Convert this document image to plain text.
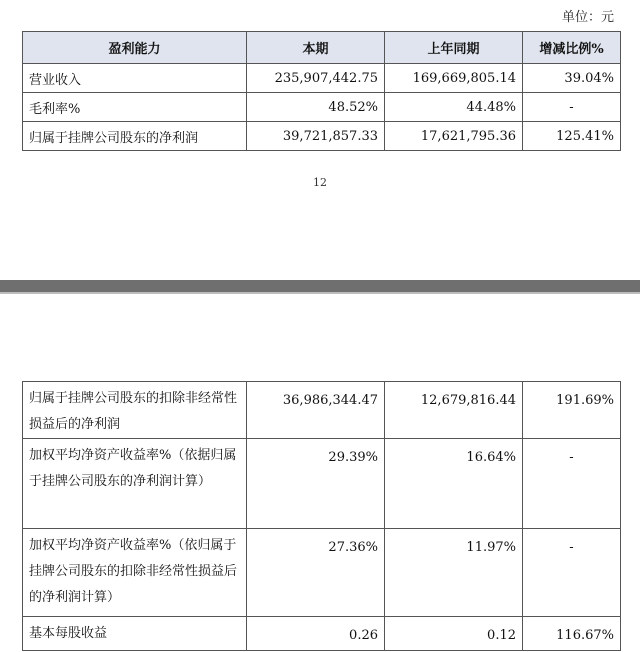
单位：元
盈利能力	本期	上年同期	增减比例%
营业收入	235,907,442.75	169,669,805.14	39.04%
毛利率%	48.52%	44.48%	-
归属于挂牌公司股东的净利润	39,721,857.33	17,621,795.36	125.41%
12
归属于挂牌公司股东的扣除非经常性损益后的净利润	36,986,344.47	12,679,816.44	191.69%
加权平均净资产收益率%（依据归属于挂牌公司股东的净利润计算）	29.39%	16.64%	-
加权平均净资产收益率%（依归属于挂牌公司股东的扣除非经常性损益后的净利润计算）	27.36%	11.97%	-
基本每股收益	0.26	0.12	116.67%
